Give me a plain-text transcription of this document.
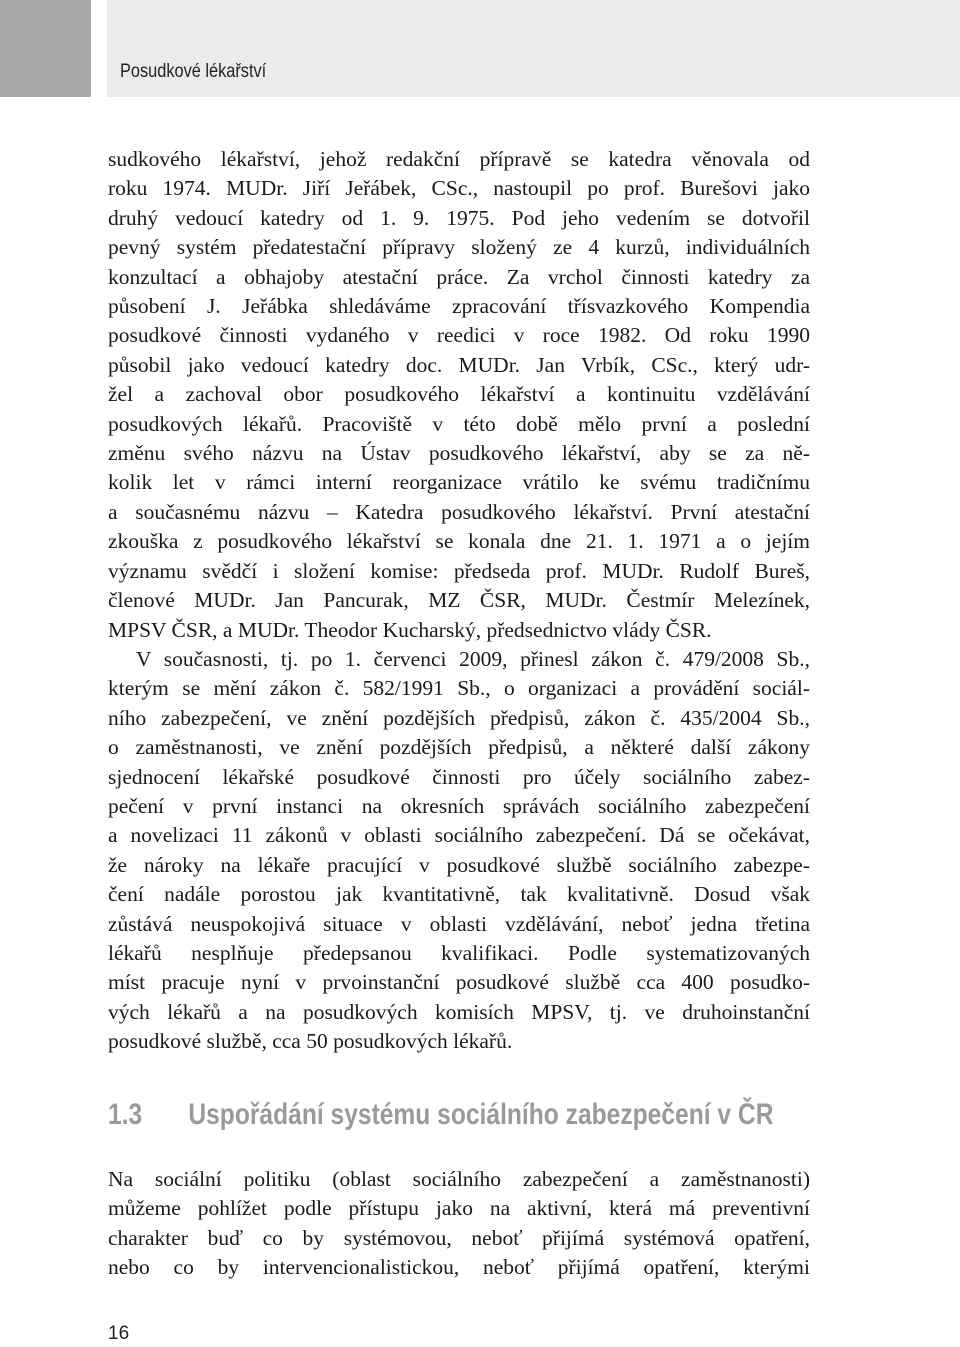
Posudkové lékařství
sudkového lékařství, jehož redakční přípravě se katedra věnovala od
roku 1974. MUDr. Jiří Jeřábek, CSc., nastoupil po prof. Burešovi jako
druhý vedoucí katedry od 1. 9. 1975. Pod jeho vedením se dotvořil
pevný systém předatestační přípravy složený ze 4 kurzů, individuálních
konzultací a obhajoby atestační práce. Za vrchol činnosti katedry za
působení J. Jeřábka shledáváme zpracování třísvazkového Kompendia
posudkové činnosti vydaného v reedici v roce 1982. Od roku 1990
působil jako vedoucí katedry doc. MUDr. Jan Vrbík, CSc., který udr-
žel a zachoval obor posudkového lékařství a kontinuitu vzdělávání
posudkových lékařů. Pracoviště v této době mělo první a poslední
změnu svého názvu na Ústav posudkového lékařství, aby se za ně-
kolik let v rámci interní reorganizace vrátilo ke svému tradičnímu
a současnému názvu – Katedra posudkového lékařství. První atestační
zkouška z posudkového lékařství se konala dne 21. 1. 1971 a o jejím
významu svědčí i složení komise: předseda prof. MUDr. Rudolf Bureš,
členové MUDr. Jan Pancurak, MZ ČSR, MUDr. Čestmír Melezínek,
MPSV ČSR, a MUDr. Theodor Kucharský, předsednictvo vlády ČSR.
V současnosti, tj. po 1. červenci 2009, přinesl zákon č. 479/2008 Sb.,
kterým se mění zákon č. 582/1991 Sb., o organizaci a provádění sociál-
ního zabezpečení, ve znění pozdějších předpisů, zákon č. 435/2004 Sb.,
o zaměstnanosti, ve znění pozdějších předpisů, a některé další zákony
sjednocení lékařské posudkové činnosti pro účely sociálního zabez-
pečení v první instanci na okresních správách sociálního zabezpečení
a novelizaci 11 zákonů v oblasti sociálního zabezpečení. Dá se očekávat,
že nároky na lékaře pracující v posudkové službě sociálního zabezpe-
čení nadále porostou jak kvantitativně, tak kvalitativně. Dosud však
zůstává neuspokojivá situace v oblasti vzdělávání, neboť jedna třetina
lékařů nesplňuje předepsanou kvalifikaci. Podle systematizovaných
míst pracuje nyní v prvoinstanční posudkové službě cca 400 posudko-
vých lékařů a na posudkových komisích MPSV, tj. ve druhoinstanční
posudkové službě, cca 50 posudkových lékařů.
1.3 Uspořádání systému sociálního zabezpečení v ČR
Na sociální politiku (oblast sociálního zabezpečení a zaměstnanosti)
můžeme pohlížet podle přístupu jako na aktivní, která má preventivní
charakter buď co by systémovou, neboť přijímá systémová opatření,
nebo co by intervencionalistickou, neboť přijímá opatření, kterými
16
